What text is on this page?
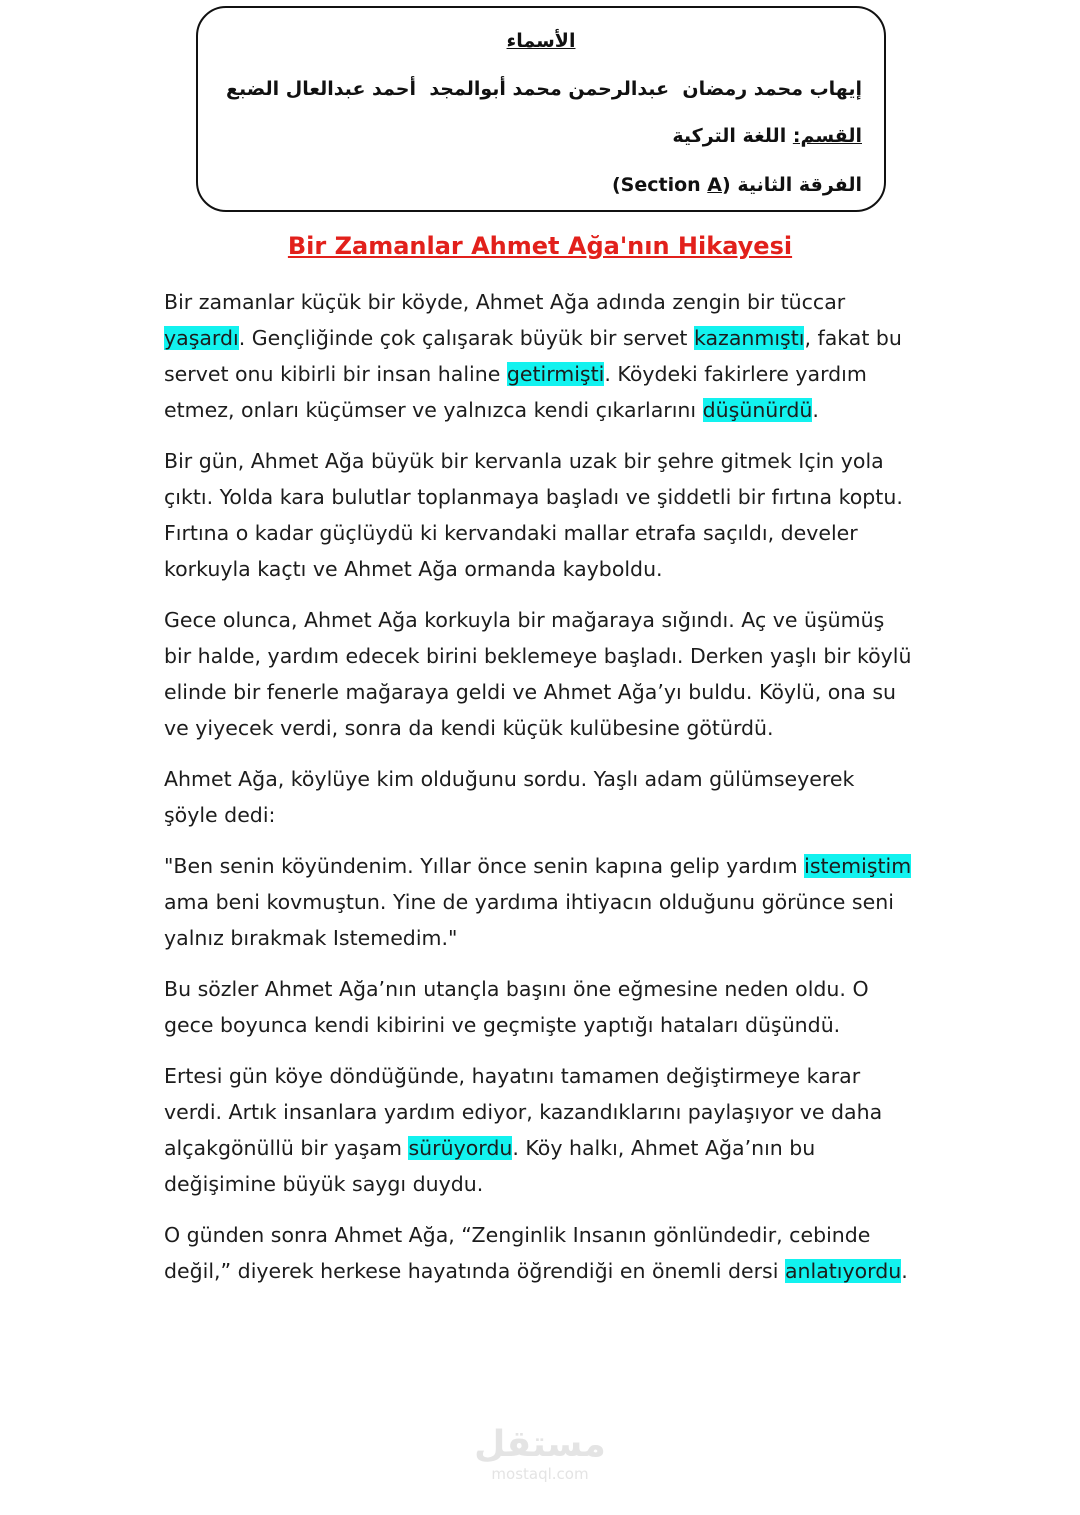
الأسماء
إيهاب محمد رمضان
عبدالرحمن محمد أبوالمجد
أحمد عبدالعال الضبع
القسم: اللغة التركية
الفرقة الثانية (Section A)
Bir Zamanlar Ahmet Ağa'nın Hikayesi

Bir zamanlar küçük bir köyde, Ahmet Ağa adında zengin bir tüccar yaşardı. Gençliğinde çok çalışarak büyük bir servet kazanmıştı, fakat bu servet onu kibirli bir insan haline getirmişti. Köydeki fakirlere yardım etmez, onları küçümser ve yalnızca kendi çıkarlarını düşünürdü.

Bir gün, Ahmet Ağa büyük bir kervanla uzak bir şehre gitmek Için yola çıktı. Yolda kara bulutlar toplanmaya başladı ve şiddetli bir fırtına koptu. Fırtına o kadar güçlüydü ki kervandaki mallar etrafa saçıldı, develer korkuyla kaçtı ve Ahmet Ağa ormanda kayboldu.

Gece olunca, Ahmet Ağa korkuyla bir mağaraya sığındı. Aç ve üşümüş bir halde, yardım edecek birini beklemeye başladı. Derken yaşlı bir köylü elinde bir fenerle mağaraya geldi ve Ahmet Ağa’yı buldu. Köylü, ona su ve yiyecek verdi, sonra da kendi küçük kulübesine götürdü.

Ahmet Ağa, köylüye kim olduğunu sordu. Yaşlı adam gülümseyerek şöyle dedi:

"Ben senin köyündenim. Yıllar önce senin kapına gelip yardım istemiştim ama beni kovmuştun. Yine de yardıma ihtiyacın olduğunu görünce seni yalnız bırakmak Istemedim."

Bu sözler Ahmet Ağa’nın utançla başını öne eğmesine neden oldu. O gece boyunca kendi kibirini ve geçmişte yaptığı hataları düşündü.

Ertesi gün köye döndüğünde, hayatını tamamen değiştirmeye karar verdi. Artık insanlara yardım ediyor, kazandıklarını paylaşıyor ve daha alçakgönüllü bir yaşam sürüyordu. Köy halkı, Ahmet Ağa’nın bu değişimine büyük saygı duydu.

O günden sonra Ahmet Ağa, “Zenginlik Insanın gönlündedir, cebinde değil,” diyerek herkese hayatında öğrendiği en önemli dersi anlatıyordu.

مستقل
mostaql.com
